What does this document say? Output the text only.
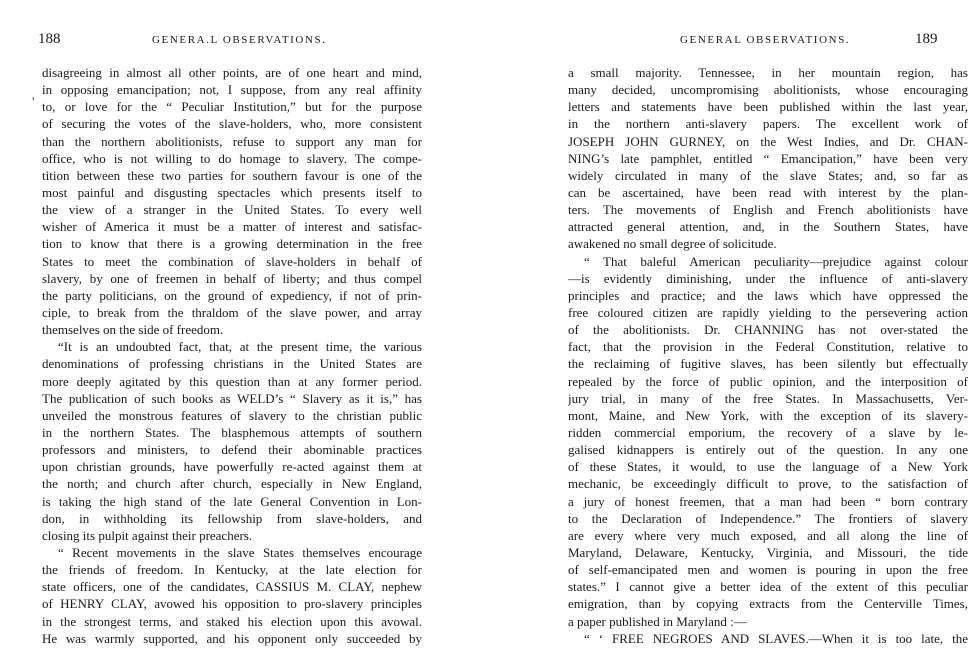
188	GENERA.L OBSERVATIONS.
'
disagreeing in almost all other points, are of one heart and mind,
in opposing emancipation; not, I suppose, from any real affinity
to, or love for the “ Peculiar Institution,” but for the purpose
of securing the votes of the slave-holders, who, more consistent
than the northern abolitionists, refuse to support any man for
office, who is not willing to do homage to slavery. The compe-
tition between these two parties for southern favour is one of the
most painful and disgusting spectacles which presents itself to
the view of a stranger in the United States. To every well
wisher of America it must be a matter of interest and satisfac-
tion to know that there is a growing determination in the free
States to meet the combination of slave-holders in behalf of
slavery, by one of freemen in behalf of liberty; and thus compel
the party politicians, on the ground of expediency, if not of prin-
ciple, to break from the thraldom of the slave power, and array
themselves on the side of freedom.
“It is an undoubted fact, that, at the present time, the various
denominations of professing christians in the United States are
more deeply agitated by this question than at any former period.
The publication of such books as WELD’s “ Slavery as it is,” has
unveiled the monstrous features of slavery to the christian public
in the northern States. The blasphemous attempts of southern
professors and ministers, to defend their abominable practices
upon christian grounds, have powerfully re-acted against them at
the north; and church after church, especially in New England,
is taking the high stand of the late General Convention in Lon-
don, in withholding its fellowship from slave-holders, and
closing its pulpit against their preachers.
“ Recent movements in the slave States themselves encourage
the friends of freedom. In Kentucky, at the late election for
state officers, one of the candidates, CASSIUS M. CLAY, nephew
of HENRY CLAY, avowed his opposition to pro-slavery principles
in the strongest terms, and staked his election upon this avowal.
He was warmly supported, and his opponent only succeeded by
GENERAL OBSERVATIONS.	189
a small majority. Tennessee, in her mountain region, has
many decided, uncompromising abolitionists, whose encouraging
letters and statements have been published within the last year,
in the northern anti-slavery papers. The excellent work of
JOSEPH JOHN GURNEY, on the West Indies, and Dr. CHAN-
NING’s late pamphlet, entitled “ Emancipation,” have been very
widely circulated in many of the slave States; and, so far as
can be ascertained, have been read with interest by the plan-
ters. The movements of English and French abolitionists have
attracted general attention, and, in the Southern States, have
awakened no small degree of solicitude.
“ That baleful American peculiarity—prejudice against colour
—is evidently diminishing, under the influence of anti-slavery
principles and practice; and the laws which have oppressed the
free coloured citizen are rapidly yielding to the persevering action
of the abolitionists. Dr. CHANNING has not over-stated the
fact, that the provision in the Federal Constitution, relative to
the reclaiming of fugitive slaves, has been silently but effectually
repealed by the force of public opinion, and the interposition of
jury trial, in many of the free States. In Massachusetts, Ver-
mont, Maine, and New York, with the exception of its slavery-
ridden commercial emporium, the recovery of a slave by le-
galised kidnappers is entirely out of the question. In any one
of these States, it would, to use the language of a New York
mechanic, be exceedingly difficult to prove, to the satisfaction of
a jury of honest freemen, that a man had been “ born contrary
to the Declaration of Independence.” The frontiers of slavery
are every where very much exposed, and all along the line of
Maryland, Delaware, Kentucky, Virginia, and Missouri, the tide
of self-emancipated men and women is pouring in upon the free
states.” I cannot give a better idea of the extent of this peculiar
emigration, than by copying extracts from the Centerville Times,
a paper published in Maryland :—
“ ‘ FREE NEGROES AND SLAVES.—When it is too late, the
